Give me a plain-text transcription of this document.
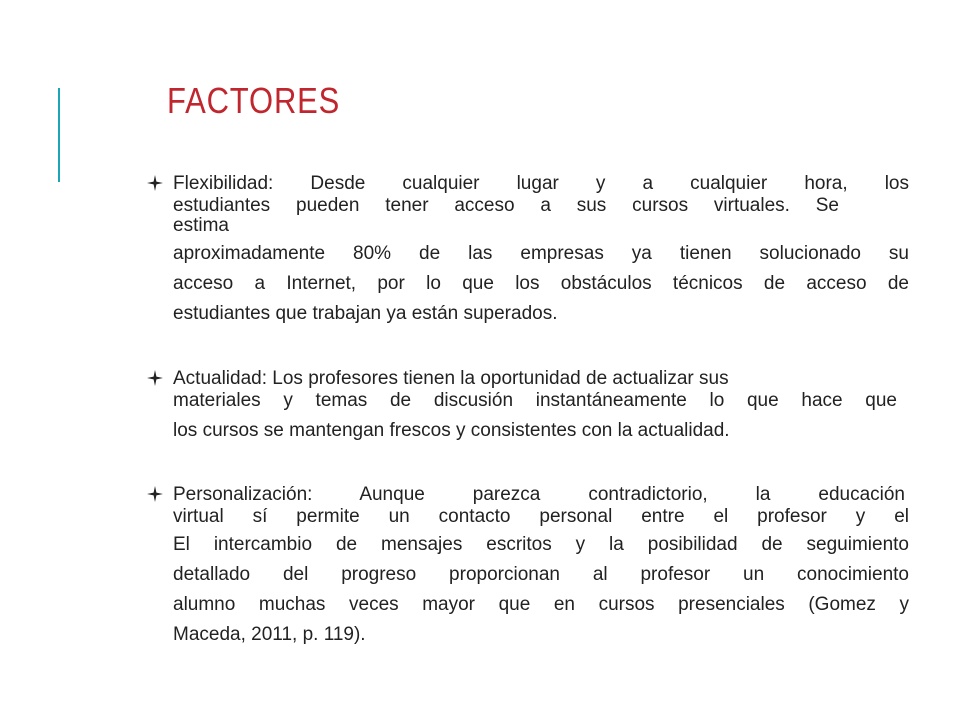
FACTORES
Flexibilidad: Desde cualquier lugar y a cualquier hora, los
estudiantes pueden tener acceso a sus cursos virtuales. Se
estima
aproximadamente 80% de las empresas ya tienen solucionado su
acceso a Internet, por lo que los obstáculos técnicos de acceso de
estudiantes que trabajan ya están superados.
Actualidad: Los profesores tienen la oportunidad de actualizar sus
materiales y temas de discusión instantáneamente lo que hace que
los cursos se mantengan frescos y consistentes con la actualidad.
Personalización: Aunque parezca contradictorio, la educación
virtual sí permite un contacto personal entre el profesor y el
El intercambio de mensajes escritos y la posibilidad de seguimiento
detallado del progreso proporcionan al profesor un conocimiento
alumno muchas veces mayor que en cursos presenciales (Gomez y
Maceda, 2011, p. 119).
